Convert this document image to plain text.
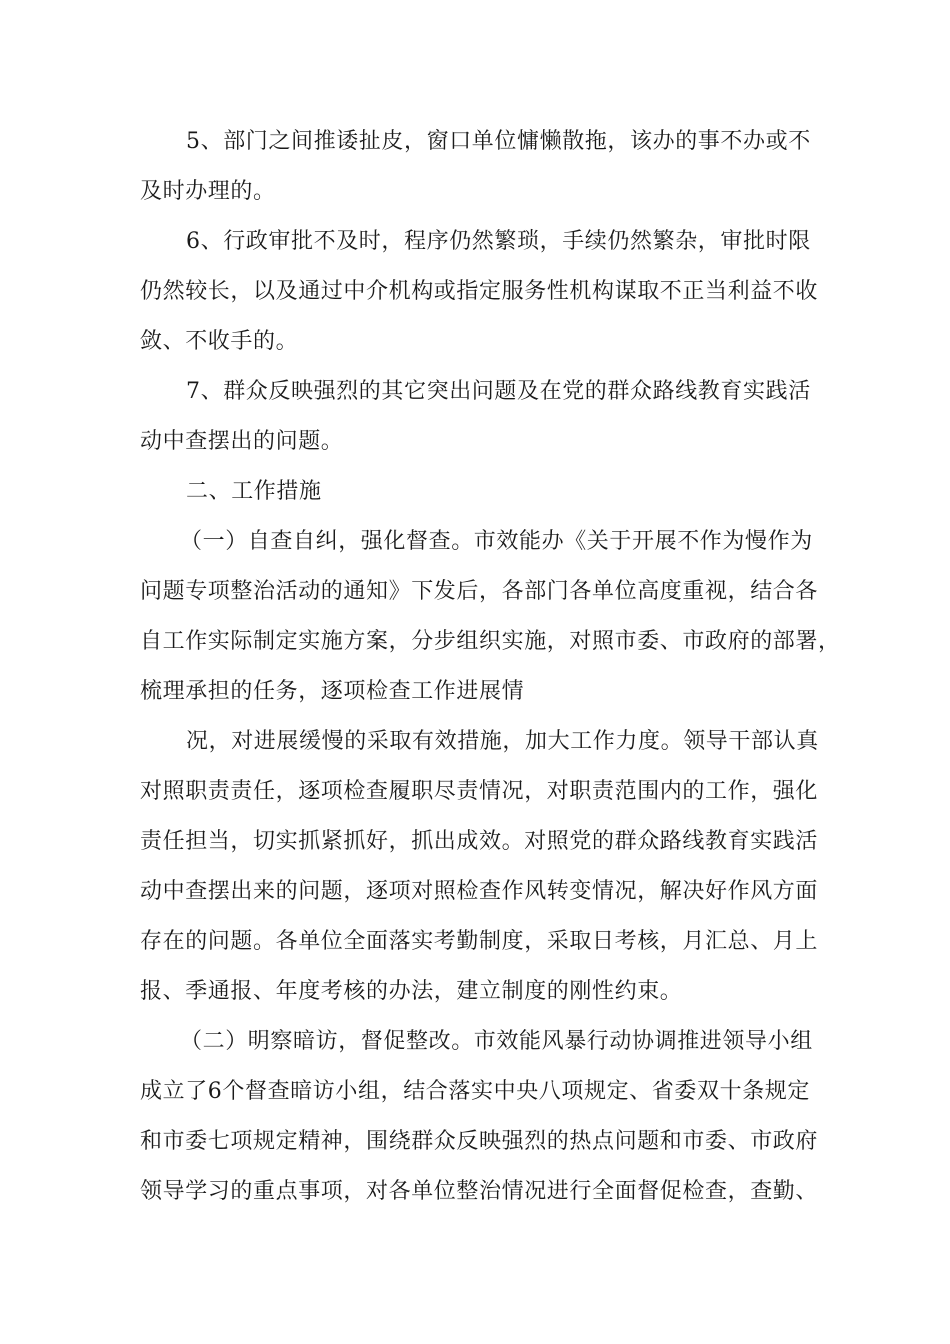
5、部门之间推诿扯皮，窗口单位慵懒散拖，该办的事不办或不
及时办理的。
6、行政审批不及时，程序仍然繁琐，手续仍然繁杂，审批时限
仍然较长，以及通过中介机构或指定服务性机构谋取不正当利益不收
敛、不收手的。
7、群众反映强烈的其它突出问题及在党的群众路线教育实践活
动中查摆出的问题。
二、工作措施
（一）自查自纠，强化督查。市效能办《关于开展不作为慢作为
问题专项整治活动的通知》下发后，各部门各单位高度重视，结合各
自工作实际制定实施方案，分步组织实施，对照市委、市政府的部署，
梳理承担的任务，逐项检查工作进展情
况，对进展缓慢的采取有效措施，加大工作力度。领导干部认真
对照职责责任，逐项检查履职尽责情况，对职责范围内的工作，强化
责任担当，切实抓紧抓好，抓出成效。对照党的群众路线教育实践活
动中查摆出来的问题，逐项对照检查作风转变情况，解决好作风方面
存在的问题。各单位全面落实考勤制度，采取日考核，月汇总、月上
报、季通报、年度考核的办法，建立制度的刚性约束。
（二）明察暗访，督促整改。市效能风暴行动协调推进领导小组
成立了6个督查暗访小组，结合落实中央八项规定、省委双十条规定
和市委七项规定精神，围绕群众反映强烈的热点问题和市委、市政府
领导学习的重点事项，对各单位整治情况进行全面督促检查，查勤、
